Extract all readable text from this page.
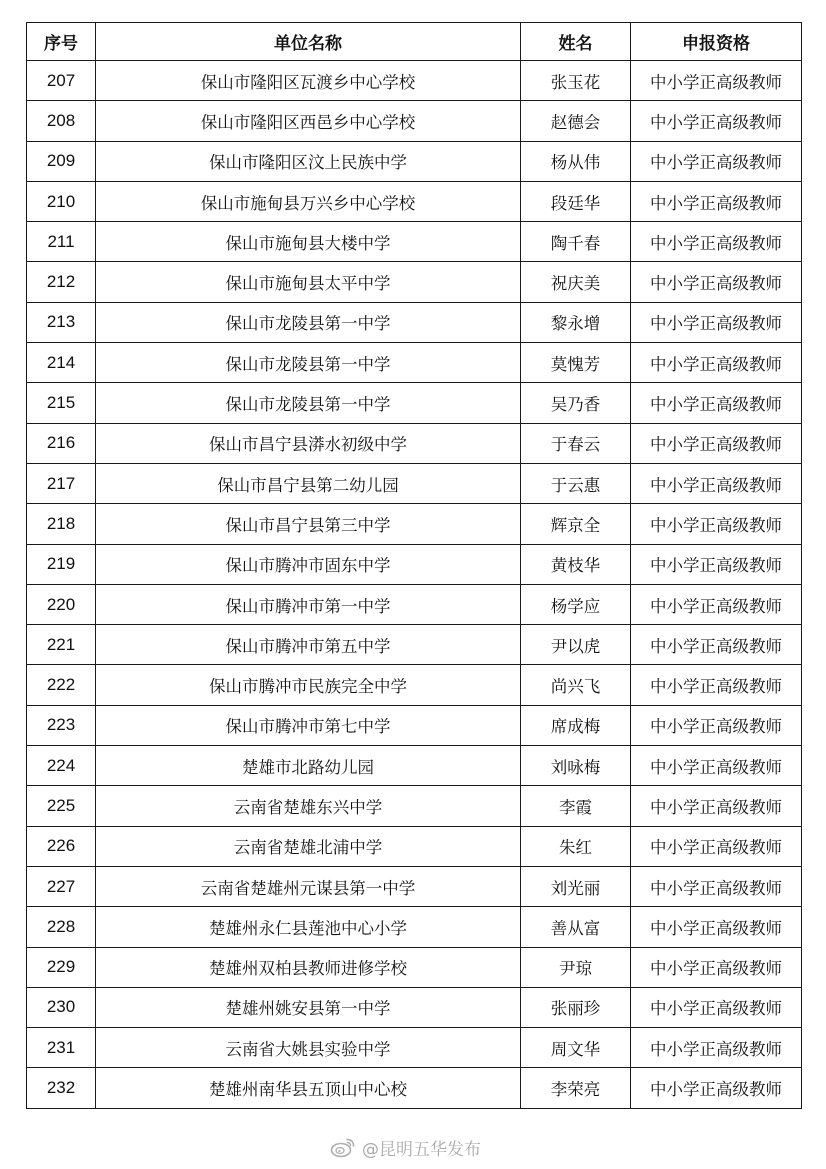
序号	单位名称	姓名	申报资格
207	保山市隆阳区瓦渡乡中心学校	张玉花	中小学正高级教师
208	保山市隆阳区西邑乡中心学校	赵德会	中小学正高级教师
209	保山市隆阳区汶上民族中学	杨从伟	中小学正高级教师
210	保山市施甸县万兴乡中心学校	段廷华	中小学正高级教师
211	保山市施甸县大楼中学	陶千春	中小学正高级教师
212	保山市施甸县太平中学	祝庆美	中小学正高级教师
213	保山市龙陵县第一中学	黎永增	中小学正高级教师
214	保山市龙陵县第一中学	莫愧芳	中小学正高级教师
215	保山市龙陵县第一中学	吴乃香	中小学正高级教师
216	保山市昌宁县漭水初级中学	于春云	中小学正高级教师
217	保山市昌宁县第二幼儿园	于云惠	中小学正高级教师
218	保山市昌宁县第三中学	辉京全	中小学正高级教师
219	保山市腾冲市固东中学	黄枝华	中小学正高级教师
220	保山市腾冲市第一中学	杨学应	中小学正高级教师
221	保山市腾冲市第五中学	尹以虎	中小学正高级教师
222	保山市腾冲市民族完全中学	尚兴飞	中小学正高级教师
223	保山市腾冲市第七中学	席成梅	中小学正高级教师
224	楚雄市北路幼儿园	刘咏梅	中小学正高级教师
225	云南省楚雄东兴中学	李霞	中小学正高级教师
226	云南省楚雄北浦中学	朱红	中小学正高级教师
227	云南省楚雄州元谋县第一中学	刘光丽	中小学正高级教师
228	楚雄州永仁县莲池中心小学	善从富	中小学正高级教师
229	楚雄州双柏县教师进修学校	尹琼	中小学正高级教师
230	楚雄州姚安县第一中学	张丽珍	中小学正高级教师
231	云南省大姚县实验中学	周文华	中小学正高级教师
232	楚雄州南华县五顶山中心校	李荣亮	中小学正高级教师
@昆明五华发布
